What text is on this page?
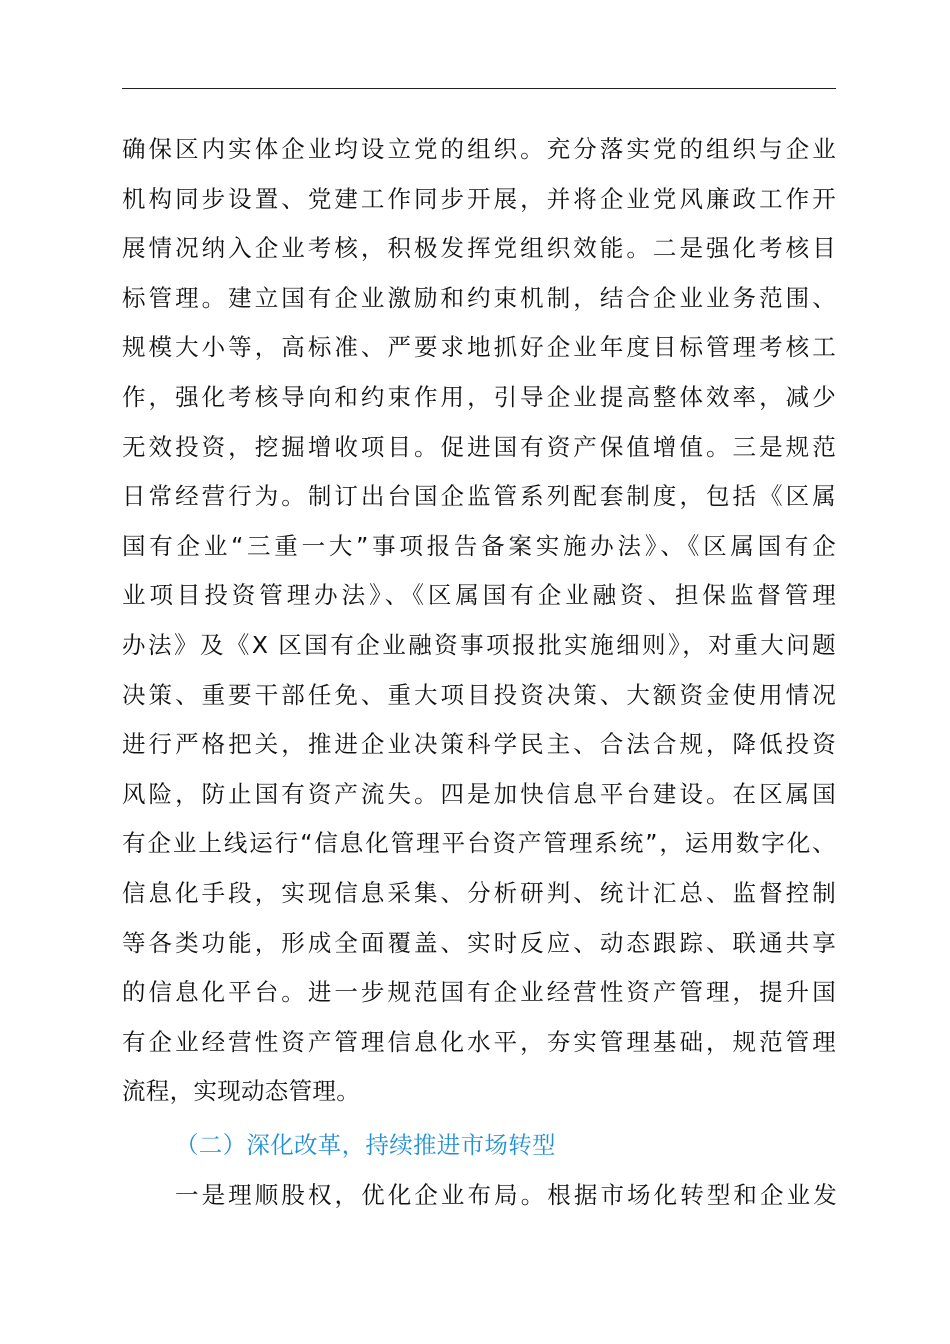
确保区内实体企业均设立党的组织。充分落实党的组织与企业
机构同步设置、党建工作同步开展，并将企业党风廉政工作开
展情况纳入企业考核，积极发挥党组织效能。二是强化考核目
标管理。建立国有企业激励和约束机制，结合企业业务范围、
规模大小等，高标准、严要求地抓好企业年度目标管理考核工
作，强化考核导向和约束作用，引导企业提高整体效率，减少
无效投资，挖掘增收项目。促进国有资产保值增值。三是规范
日常经营行为。制订出台国企监管系列配套制度，包括《区属
国有企业“三重一大”事项报告备案实施办法》、《区属国有企
业项目投资管理办法》、《区属国有企业融资、担保监督管理
办法》及《X 区国有企业融资事项报批实施细则》，对重大问题
决策、重要干部任免、重大项目投资决策、大额资金使用情况
进行严格把关，推进企业决策科学民主、合法合规，降低投资
风险，防止国有资产流失。四是加快信息平台建设。在区属国
有企业上线运行“信息化管理平台资产管理系统”，运用数字化、
信息化手段，实现信息采集、分析研判、统计汇总、监督控制
等各类功能，形成全面覆盖、实时反应、动态跟踪、联通共享
的信息化平台。进一步规范国有企业经营性资产管理，提升国
有企业经营性资产管理信息化水平，夯实管理基础，规范管理
流程，实现动态管理。
（二）深化改革，持续推进市场转型
一是理顺股权，优化企业布局。根据市场化转型和企业发
